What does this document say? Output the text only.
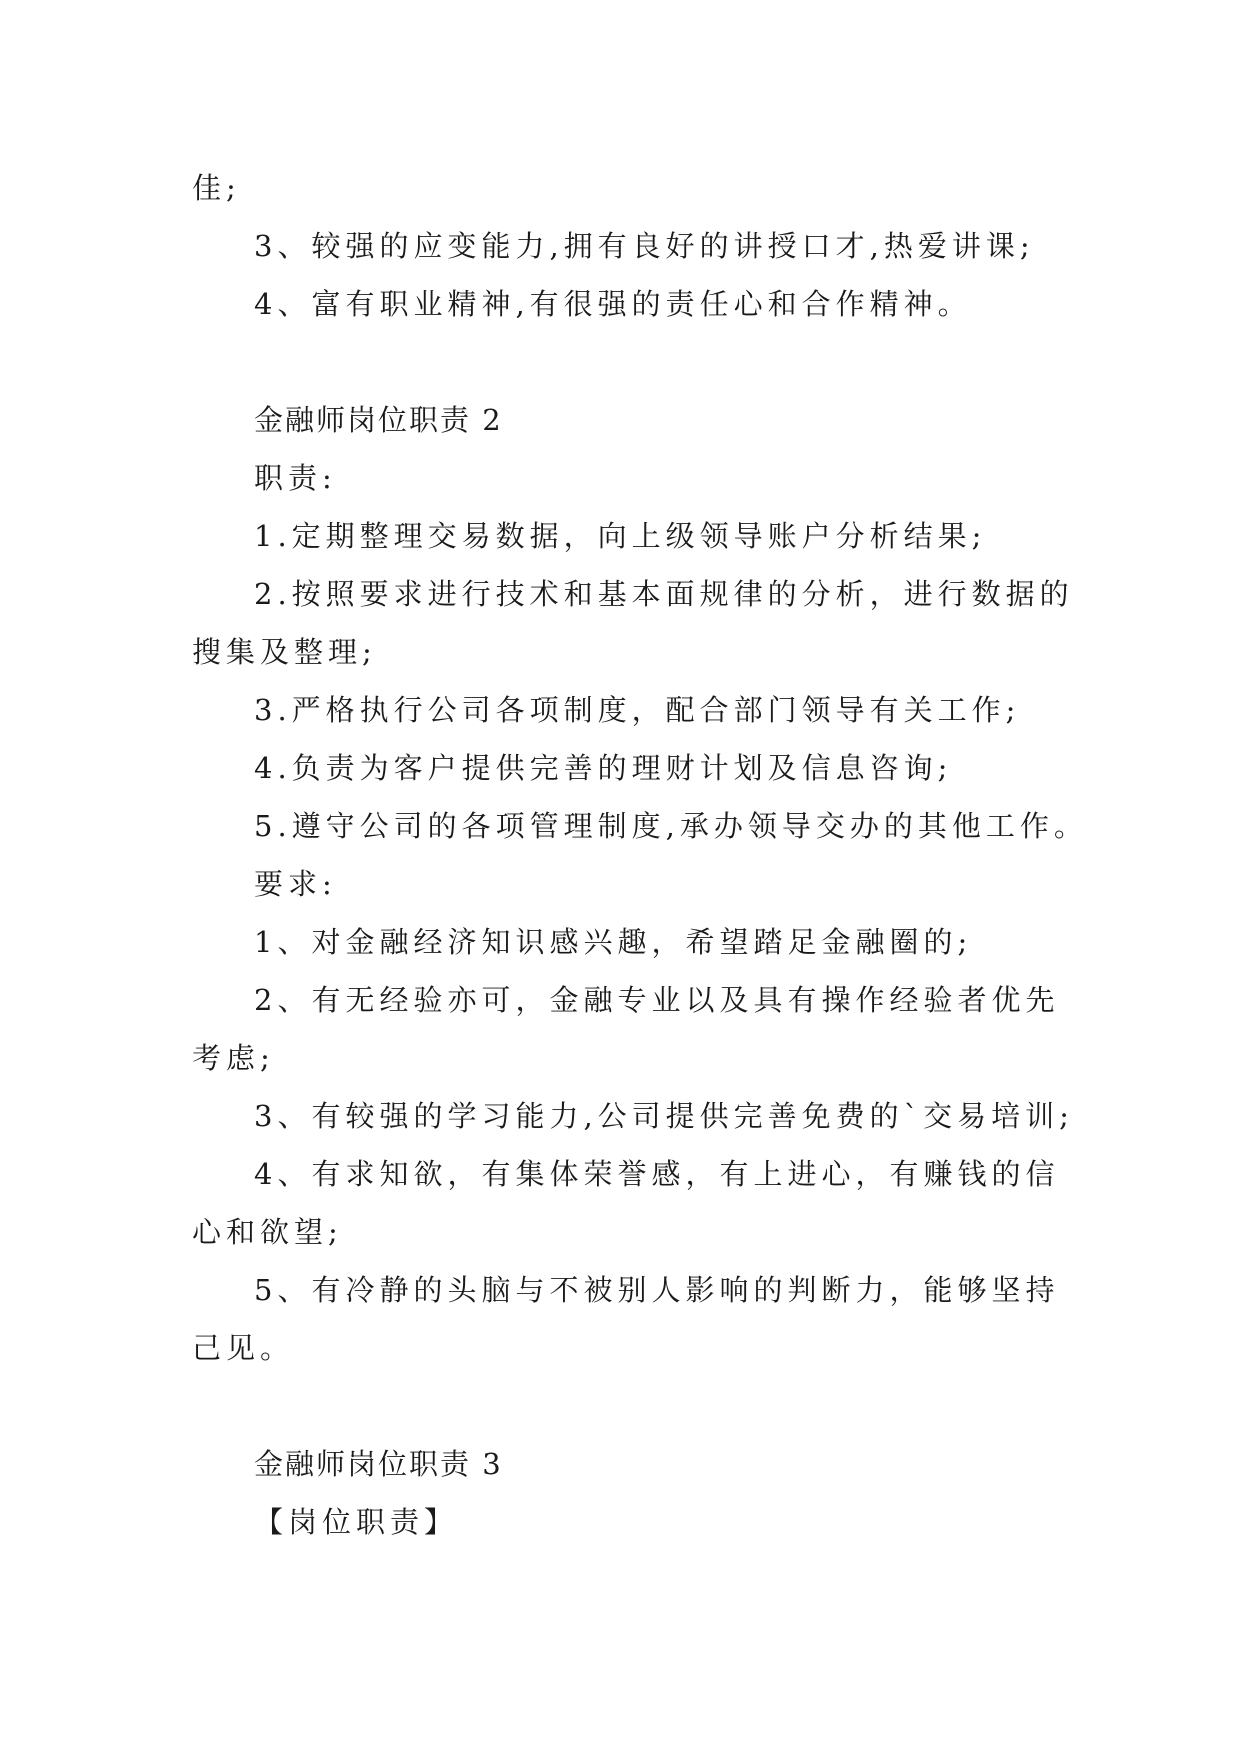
佳;
3、较强的应变能力,拥有良好的讲授口才,热爱讲课;
4、富有职业精神,有很强的责任心和合作精神。
金融师岗位职责 2
职责:
1.定期整理交易数据，向上级领导账户分析结果;
2.按照要求进行技术和基本面规律的分析，进行数据的
搜集及整理;
3.严格执行公司各项制度，配合部门领导有关工作;
4.负责为客户提供完善的理财计划及信息咨询;
5.遵守公司的各项管理制度,承办领导交办的其他工作。
要求:
1、对金融经济知识感兴趣，希望踏足金融圈的;
2、有无经验亦可，金融专业以及具有操作经验者优先
考虑;
3、有较强的学习能力,公司提供完善免费的`交易培训;
4、有求知欲，有集体荣誉感，有上进心，有赚钱的信
心和欲望;
5、有冷静的头脑与不被别人影响的判断力，能够坚持
己见。
金融师岗位职责 3
【岗位职责】
